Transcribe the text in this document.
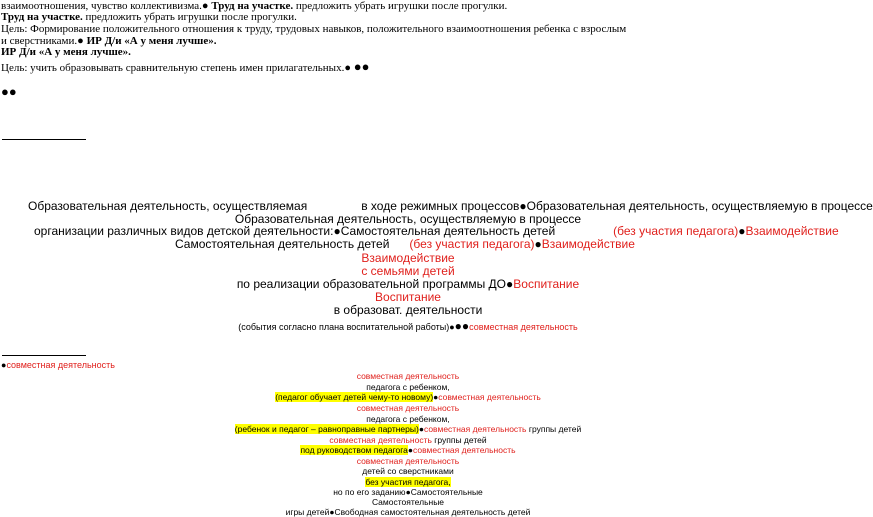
взаимоотношения, чувство коллективизма.● Труд на участке. предложить убрать игрушки после прогулки.
Труд на участке. предложить убрать игрушки после прогулки.
Цель: Формирование положительного отношения к труду, трудовых навыков, положительного взаимоотношения ребенка с взрослым
и сверстниками.● ИР Д/и «А у меня лучше».
ИР Д/и «А у меня лучше».
Цель: учить образовывать сравнительную степень имен прилагательных.● ●●
●●
Образовательная деятельность, осуществляемая	в ходе режимных процессов●Образовательная деятельность, осуществляемую в процессе
Образовательная деятельность, осуществляемую в процессе
организации различных видов детской деятельности:●Самостоятельная деятельность детей	(без участия педагога)●Взаимодействие
Самостоятельная деятельность детей (без участия педагога)●Взаимодействие
Взаимодействие
с семьями детей
по реализации образовательной программы ДО●Воспитание
Воспитание
в образоват. деятельности
(события согласно плана воспитательной работы)●●●совместная деятельность
●совместная деятельность
совместная деятельность
педагога с ребенком,
(педагог обучает детей чему-то новому)●совместная деятельность
совместная деятельность
педагога с ребенком,
(ребенок и педагог – равноправные партнеры)●совместная деятельность группы детей
совместная деятельность группы детей
под руководством педагога●совместная деятельность
совместная деятельность
детей со сверстниками
без участия педагога,
но по его заданию●Самостоятельные
Самостоятельные
игры детей●Свободная самостоятельная деятельность детей
